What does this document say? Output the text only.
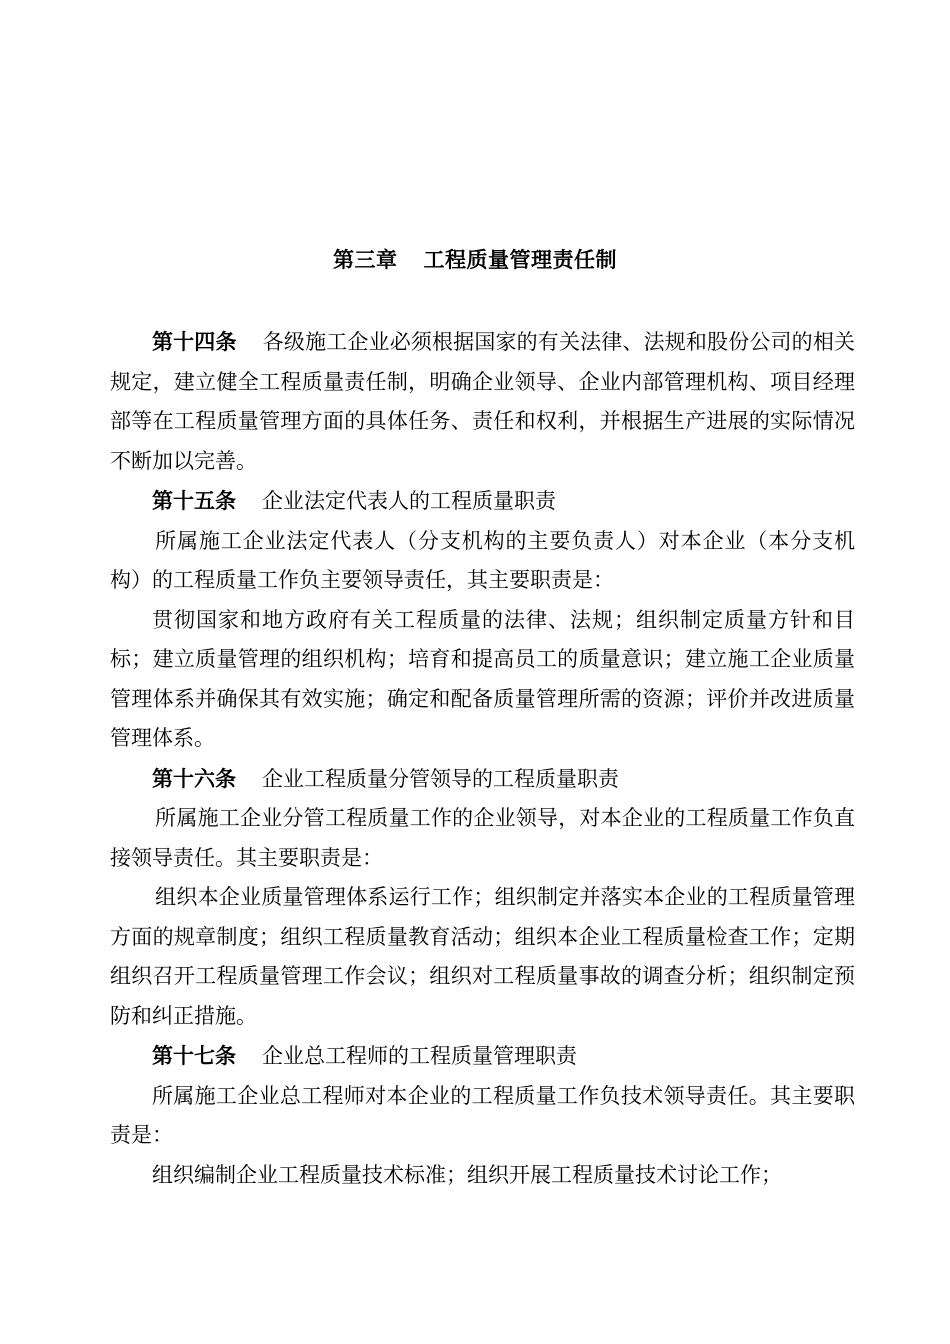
第三章 工程质量管理责任制

第十四条 各级施工企业必须根据国家的有关法律、法规和股份公司的相关规定，建立健全工程质量责任制，明确企业领导、企业内部管理机构、项目经理部等在工程质量管理方面的具体任务、责任和权利，并根据生产进展的实际情况不断加以完善。

第十五条 企业法定代表人的工程质量职责

所属施工企业法定代表人（分支机构的主要负责人）对本企业（本分支机构）的工程质量工作负主要领导责任，其主要职责是：

贯彻国家和地方政府有关工程质量的法律、法规；组织制定质量方针和目标；建立质量管理的组织机构；培育和提高员工的质量意识；建立施工企业质量管理体系并确保其有效实施；确定和配备质量管理所需的资源；评价并改进质量管理体系。

第十六条 企业工程质量分管领导的工程质量职责

所属施工企业分管工程质量工作的企业领导，对本企业的工程质量工作负直接领导责任。其主要职责是：

组织本企业质量管理体系运行工作；组织制定并落实本企业的工程质量管理方面的规章制度；组织工程质量教育活动；组织本企业工程质量检查工作；定期组织召开工程质量管理工作会议；组织对工程质量事故的调查分析；组织制定预防和纠正措施。

第十七条 企业总工程师的工程质量管理职责

所属施工企业总工程师对本企业的工程质量工作负技术领导责任。其主要职责是：

组织编制企业工程质量技术标准；组织开展工程质量技术讨论工作；
